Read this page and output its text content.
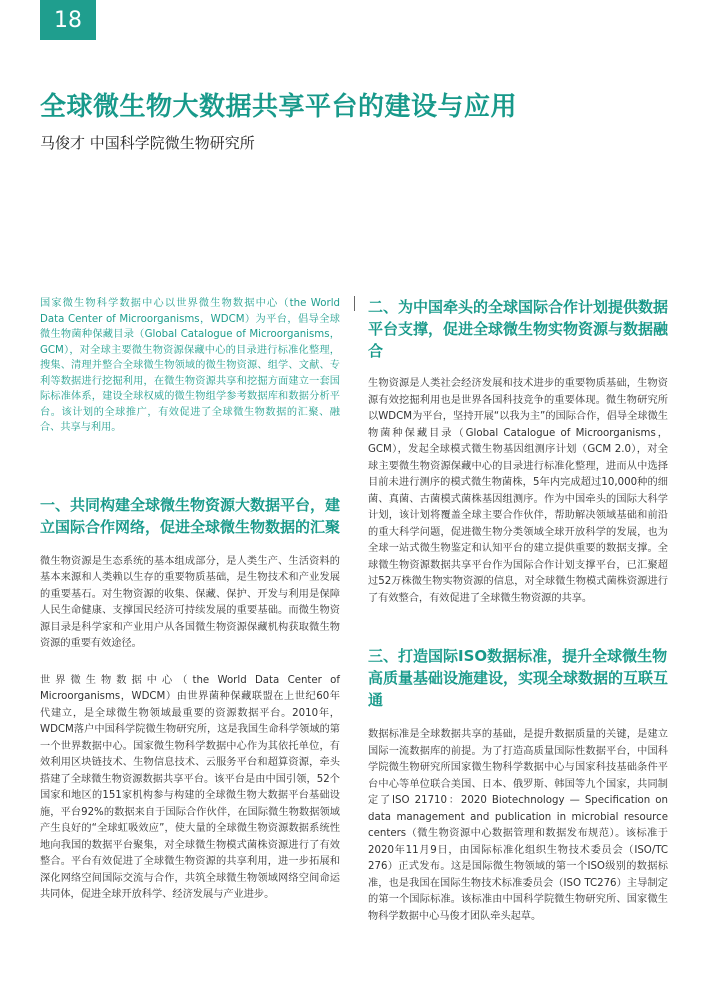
18
全球微生物大数据共享平台的建设与应用

马俊才 中国科学院微生物研究所

国家微生物科学数据中心以世界微生物数据中心（the World Data Center of Microorganisms，WDCM）为平台，倡导全球微生物菌种保藏目录（Global Catalogue of Microorganisms，GCM），对全球主要微生物资源保藏中心的目录进行标准化整理，搜集、清理并整合全球微生物领域的微生物资源、组学、文献、专利等数据进行挖掘利用，在微生物资源共享和挖掘方面建立一套国际标准体系，建设全球权威的微生物组学参考数据库和数据分析平台。该计划的全球推广，有效促进了全球微生物数据的汇聚、融合、共享与利用。

一、共同构建全球微生物资源大数据平台，建立国际合作网络，促进全球微生物数据的汇聚

微生物资源是生态系统的基本组成部分，是人类生产、生活资料的基本来源和人类赖以生存的重要物质基础，是生物技术和产业发展的重要基石。对生物资源的收集、保藏、保护、开发与利用是保障人民生命健康、支撑国民经济可持续发展的重要基础。而微生物资源目录是科学家和产业用户从各国微生物资源保藏机构获取微生物资源的重要有效途径。

世界微生物数据中心（the World Data Center of Microorganisms，WDCM）由世界菌种保藏联盟在上世纪60年代建立，是全球微生物领域最重要的资源数据平台。2010年，WDCM落户中国科学院微生物研究所，这是我国生命科学领域的第一个世界数据中心。国家微生物科学数据中心作为其依托单位，有效利用区块链技术、生物信息技术、云服务平台和超算资源，牵头搭建了全球微生物资源数据共享平台。该平台是由中国引领，52个国家和地区的151家机构参与构建的全球微生物大数据平台基础设施，平台92%的数据来自于国际合作伙伴，在国际微生物数据领域产生良好的“全球虹吸效应”，使大量的全球微生物资源数据系统性地向我国的数据平台聚集，对全球微生物模式菌株资源进行了有效整合。平台有效促进了全球微生物资源的共享利用，进一步拓展和深化网络空间国际交流与合作，共筑全球微生物领域网络空间命运共同体，促进全球开放科学、经济发展与产业进步。

二、为中国牵头的全球国际合作计划提供数据平台支撑，促进全球微生物实物资源与数据融合

生物资源是人类社会经济发展和技术进步的重要物质基础，生物资源有效挖掘利用也是世界各国科技竞争的重要体现。微生物研究所以WDCM为平台，坚持开展“以我为主”的国际合作，倡导全球微生物菌种保藏目录（Global Catalogue of Microorganisms，GCM），发起全球模式微生物基因组测序计划（GCM 2.0），对全球主要微生物资源保藏中心的目录进行标准化整理，进而从中选择目前未进行测序的模式微生物菌株，5年内完成超过10,000种的细菌、真菌、古菌模式菌株基因组测序。作为中国牵头的国际大科学计划，该计划将覆盖全球主要合作伙伴，帮助解决领域基础和前沿的重大科学问题，促进微生物分类领域全球开放科学的发展，也为全球一站式微生物鉴定和认知平台的建立提供重要的数据支撑。全球微生物资源数据共享平台作为国际合作计划支撑平台，已汇聚超过52万株微生物实物资源的信息，对全球微生物模式菌株资源进行了有效整合，有效促进了全球微生物资源的共享。

三、打造国际ISO数据标准，提升全球微生物高质量基础设施建设，实现全球数据的互联互通

数据标准是全球数据共享的基础，是提升数据质量的关键，是建立国际一流数据库的前提。为了打造高质量国际性数据平台，中国科学院微生物研究所国家微生物科学数据中心与国家科技基础条件平台中心等单位联合美国、日本、俄罗斯、韩国等九个国家，共同制定了ISO 21710：2020 Biotechnology — Specification on data management and publication in microbial resource centers（微生物资源中心数据管理和数据发布规范）。该标准于2020年11月9日，由国际标准化组织生物技术委员会（ISO/TC 276）正式发布。这是国际微生物领域的第一个ISO级别的数据标准，也是我国在国际生物技术标准委员会（ISO TC276）主导制定的第一个国际标准。该标准由中国科学院微生物研究所、国家微生物科学数据中心马俊才团队牵头起草。
